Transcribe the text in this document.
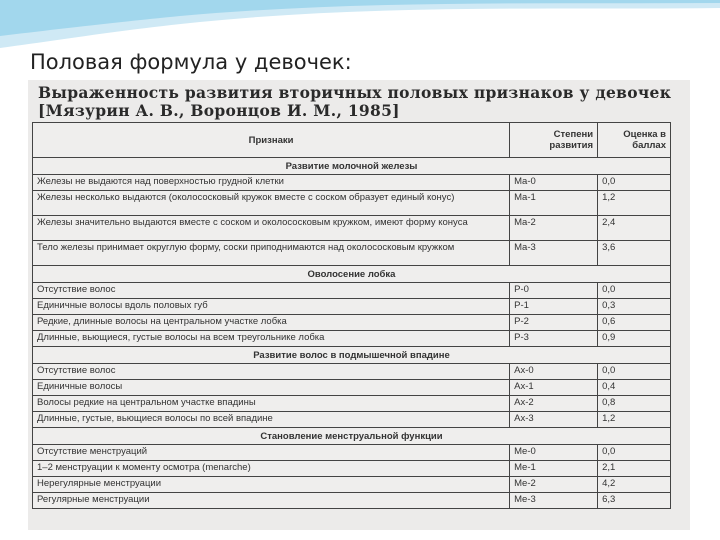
Половая формула у девочек:
Выраженность развития вторичных половых признаков у девочек [Мязурин А. В., Воронцов И. М., 1985]
Признаки	Степени развития	Оценка в баллах
Развитие молочной железы		
Железы не выдаются над поверхностью грудной клетки	Ma-0	0,0
Железы несколько выдаются (околососковый кружок вместе с соском образует единый конус)	Ma-1	1,2
Железы значительно выдаются вместе с соском и околососковым кружком, имеют форму конуса	Ma-2	2,4
Тело железы принимает округлую форму, соски приподнимаются над околососковым кружком	Ma-3	3,6
Оволосение лобка		
Отсутствие волос	P-0	0,0
Единичные волосы вдоль половых губ	P-1	0,3
Редкие, длинные волосы на центральном участке лобка	P-2	0,6
Длинные, вьющиеся, густые волосы на всем треугольнике лобка	P-3	0,9
Развитие волос в подмышечной впадине		
Отсутствие волос	Ax-0	0,0
Единичные волосы	Ax-1	0,4
Волосы редкие на центральном участке впадины	Ax-2	0,8
Длинные, густые, вьющиеся волосы по всей впадине	Ax-3	1,2
Становление менструальной функции		
Отсутствие менструаций	Me-0	0,0
1–2 менструации к моменту осмотра (menarche)	Me-1	2,1
Нерегулярные менструации	Me-2	4,2
Регулярные менструации	Me-3	6,3
